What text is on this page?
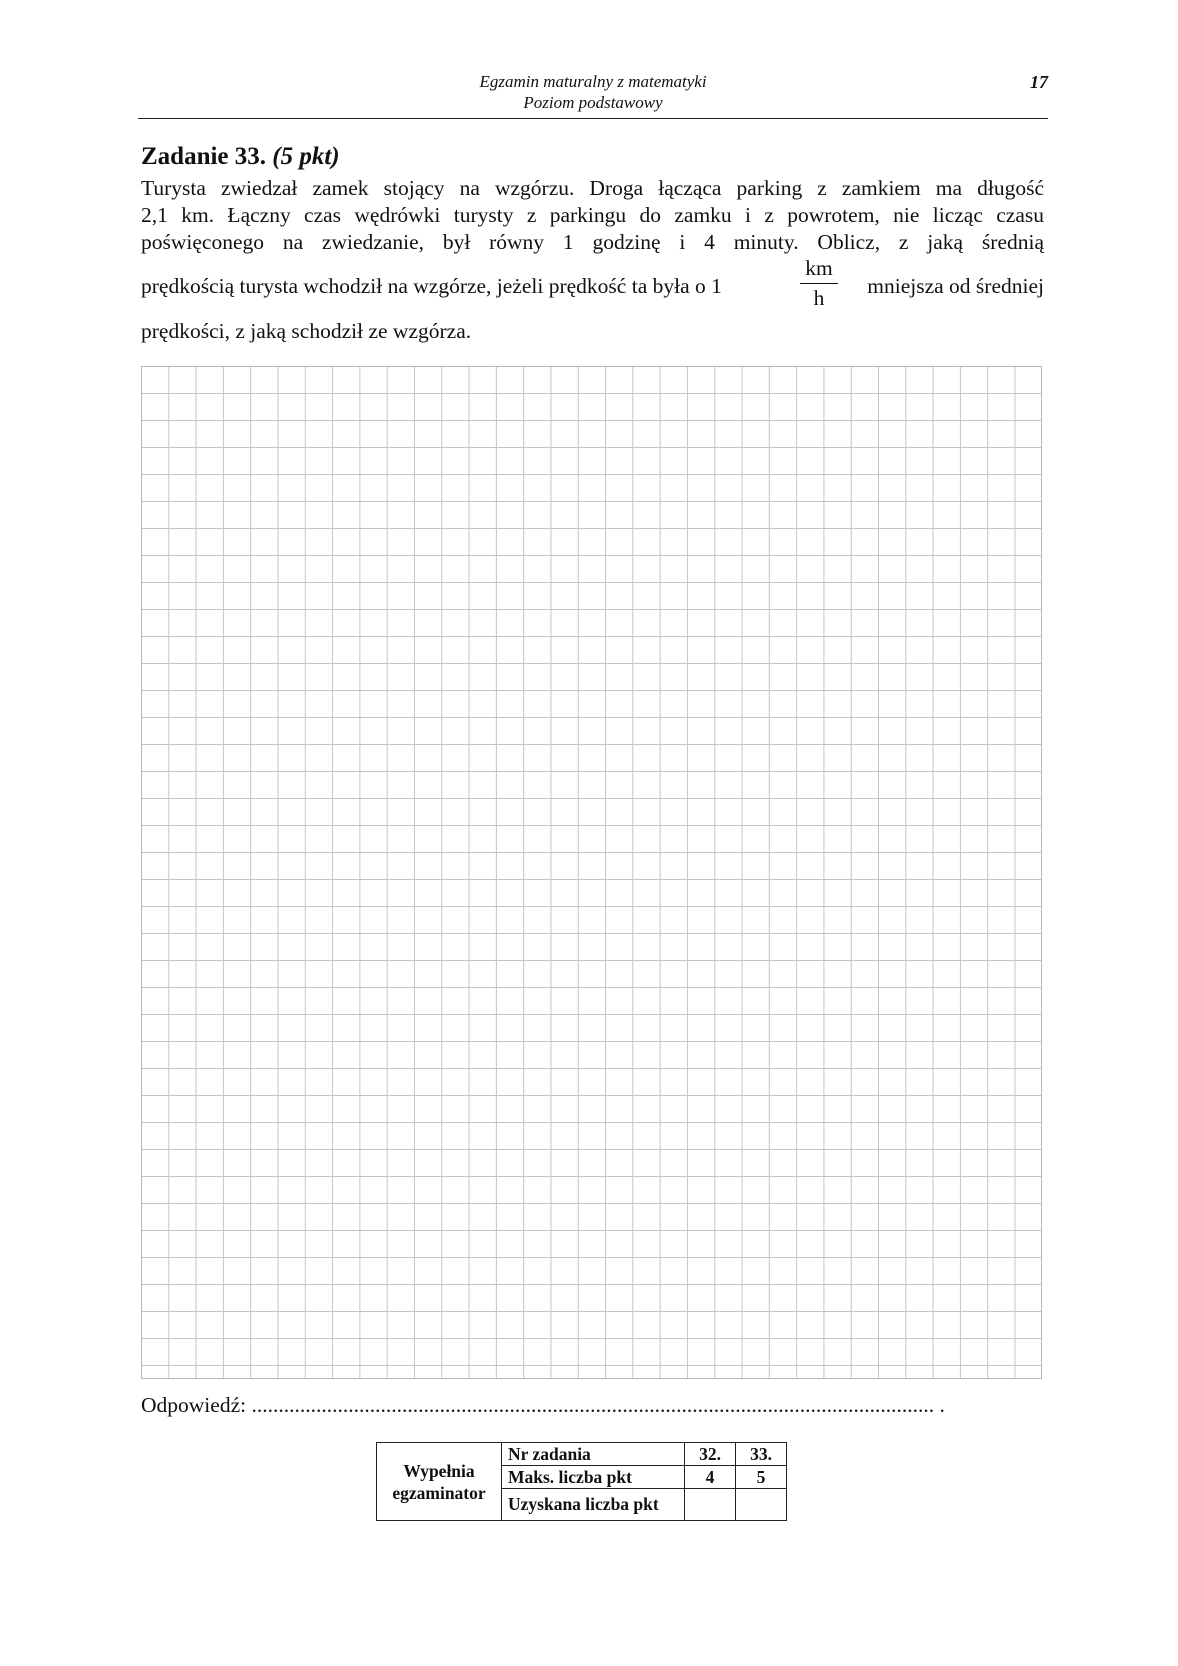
Egzamin maturalny z matematyki
Poziom podstawowy
17
Zadanie 33. (5 pkt)
Turysta zwiedzał zamek stojący na wzgórzu. Droga łącząca parking z zamkiem ma długość
2,1 km. Łączny czas wędrówki turysty z parkingu do zamku i z powrotem, nie licząc czasu
poświęconego na zwiedzanie, był równy 1 godzinę i 4 minuty. Oblicz, z jaką średnią
prędkością turysta wchodził na wzgórze, jeżeli prędkość ta była o 1	$\frac{km}{h}$	mniejsza od średniej
prędkości, z jaką schodził ze wzgórza.
Odpowiedź: ............................................................................................................................... .
Wypełnia
egzaminator	Nr zadania	32.	33.
	Maks. liczba pkt	4	5
	Uzyskana liczba pkt		
